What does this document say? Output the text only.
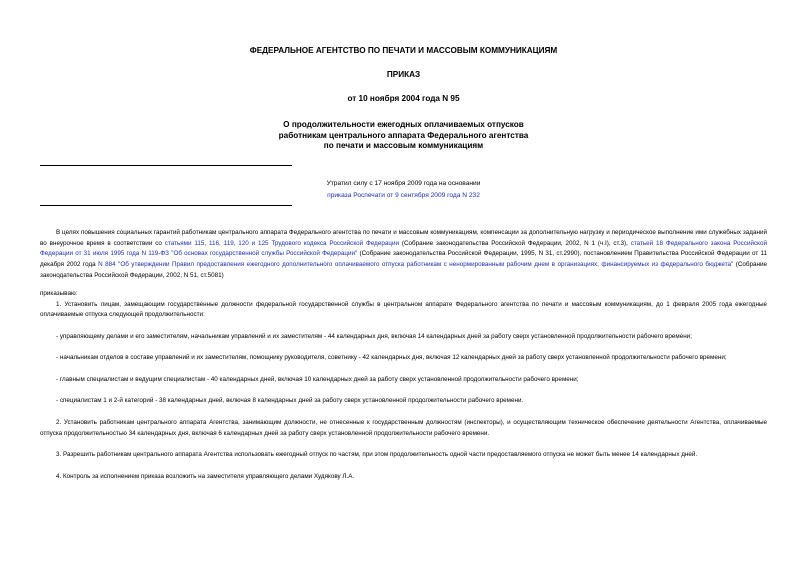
ФЕДЕРАЛЬНОЕ АГЕНТСТВО ПО ПЕЧАТИ И МАССОВЫМ КОММУНИКАЦИЯМ
ПРИКАЗ
от 10 ноября 2004 года N 95
О продолжительности ежегодных оплачиваемых отпусков
работникам центрального аппарата Федерального агентства
по печати и массовым коммуникациям
Утратил силу с 17 ноября 2009 года на основании
приказа Роспечати от 9 сентября 2009 года N 232

В целях повышения социальных гарантий работникам центрального аппарата Федерального агентства по печати и массовым коммуникациям, компенсации за дополнительную нагрузку и периодическое выполнение ими служебных заданий во внеурочное время в соответствии со статьями 115, 116, 119, 120 и 125 Трудового кодекса Российской Федерации (Собрание законодательства Российской Федерации, 2002, N 1 (ч.I), ст.3), статьей 18 Федерального закона Российской Федерации от 31 июля 1995 года N 119-ФЗ "Об основах государственной службы Российской Федерации" (Собрание законодательства Российской Федерации, 1995, N 31, ст.2990), постановлением Правительства Российской Федерации от 11 декабря 2002 года N 884 "Об утверждении Правил предоставления ежегодного дополнительного оплачиваемого отпуска работникам с ненормированным рабочим днем в организациях, финансируемых из федерального бюджета" (Собрание законодательства Российской Федерации, 2002, N 51, ст.5081)

приказываю:

1. Установить лицам, замещающим государственные должности федеральной государственной службы в центральном аппарате Федерального агентства по печати и массовым коммуникациям, до 1 февраля 2005 года ежегодные оплачиваемые отпуска следующей продолжительности:

- управляющему делами и его заместителям, начальникам управлений и их заместителям - 44 календарных дня, включая 14 календарных дней за работу сверх установленной продолжительности рабочего времени;

- начальникам отделов в составе управлений и их заместителям, помощнику руководителя, советнику - 42 календарных дня, включая 12 календарных дней за работу сверх установленной продолжительности рабочего времени;

- главным специалистам и ведущим специалистам - 40 календарных дней, включая 10 календарных дней за работу сверх установленной продолжительности рабочего времени;

- специалистам 1 и 2-й категорий - 38 календарных дней, включая 8 календарных дней за работу сверх установленной продолжительности рабочего времени.

2. Установить работникам центрального аппарата Агентства, занимающим должности, не отнесенные к государственным должностям (инспекторы), и осуществляющим техническое обеспечение деятельности Агентства, оплачиваемые отпуска продолжительностью 34 календарных дня, включая 6 календарных дней за работу сверх установленной продолжительности рабочего времени.

3. Разрешить работникам центрального аппарата Агентства использовать ежегодный отпуск по частям, при этом продолжительность одной части предоставляемого отпуска не может быть менее 14 календарных дней.

4. Контроль за исполнением приказа возложить на заместителя управляющего делами Худякову Л.А.
